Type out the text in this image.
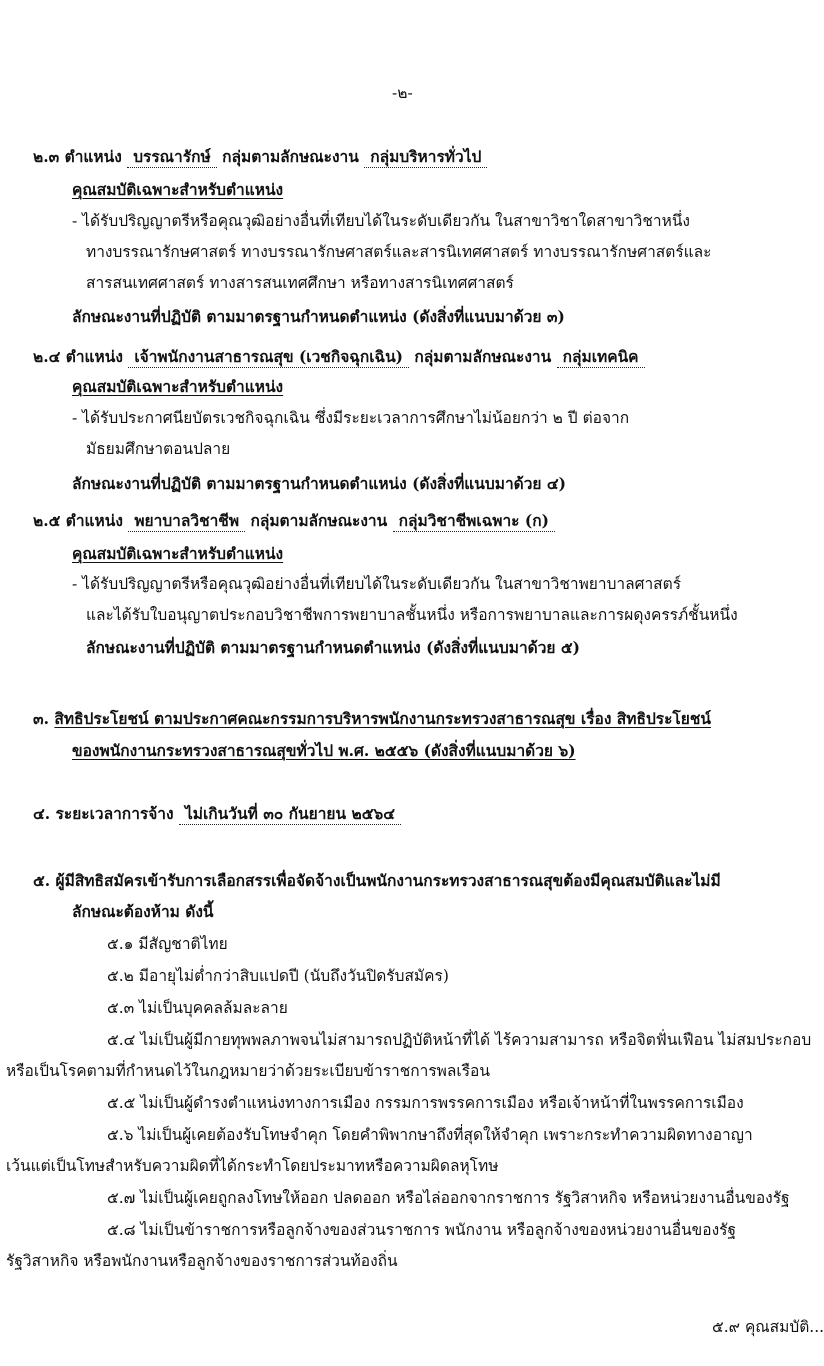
-๒-
๒.๓ ตำแหน่ง บรรณารักษ์ กลุ่มตามลักษณะงาน กลุ่มบริหารทั่วไป
คุณสมบัติเฉพาะสำหรับตำแหน่ง
- ได้รับปริญญาตรีหรือคุณวุฒิอย่างอื่นที่เทียบได้ในระดับเดียวกัน ในสาขาวิชาใดสาขาวิชาหนึ่ง
ทางบรรณารักษศาสตร์ ทางบรรณารักษศาสตร์และสารนิเทศศาสตร์ ทางบรรณารักษศาสตร์และ
สารสนเทศศาสตร์ ทางสารสนเทศศึกษา หรือทางสารนิเทศศาสตร์
ลักษณะงานที่ปฏิบัติ ตามมาตรฐานกำหนดตำแหน่ง (ดังสิ่งที่แนบมาด้วย ๓)
๒.๔ ตำแหน่ง เจ้าพนักงานสาธารณสุข (เวชกิจฉุกเฉิน) กลุ่มตามลักษณะงาน กลุ่มเทคนิค
คุณสมบัติเฉพาะสำหรับตำแหน่ง
- ได้รับประกาศนียบัตรเวชกิจฉุกเฉิน ซึ่งมีระยะเวลาการศึกษาไม่น้อยกว่า ๒ ปี ต่อจาก
มัธยมศึกษาตอนปลาย
ลักษณะงานที่ปฏิบัติ ตามมาตรฐานกำหนดตำแหน่ง (ดังสิ่งที่แนบมาด้วย ๔)
๒.๕ ตำแหน่ง พยาบาลวิชาชีพ กลุ่มตามลักษณะงาน กลุ่มวิชาชีพเฉพาะ (ก)
คุณสมบัติเฉพาะสำหรับตำแหน่ง
- ได้รับปริญญาตรีหรือคุณวุฒิอย่างอื่นที่เทียบได้ในระดับเดียวกัน ในสาขาวิชาพยาบาลศาสตร์
และได้รับใบอนุญาตประกอบวิชาชีพการพยาบาลชั้นหนึ่ง หรือการพยาบาลและการผดุงครรภ์ชั้นหนึ่ง
ลักษณะงานที่ปฏิบัติ ตามมาตรฐานกำหนดตำแหน่ง (ดังสิ่งที่แนบมาด้วย ๕)
๓. สิทธิประโยชน์ ตามประกาศคณะกรรมการบริหารพนักงานกระทรวงสาธารณสุข เรื่อง สิทธิประโยชน์
ของพนักงานกระทรวงสาธารณสุขทั่วไป พ.ศ. ๒๕๕๖ (ดังสิ่งที่แนบมาด้วย ๖)
๔. ระยะเวลาการจ้าง ไม่เกินวันที่ ๓๐ กันยายน ๒๕๖๔
๕. ผู้มีสิทธิสมัครเข้ารับการเลือกสรรเพื่อจัดจ้างเป็นพนักงานกระทรวงสาธารณสุขต้องมีคุณสมบัติและไม่มี
ลักษณะต้องห้าม ดังนี้
๕.๑ มีสัญชาติไทย
๕.๒ มีอายุไม่ต่ำกว่าสิบแปดปี (นับถึงวันปิดรับสมัคร)
๕.๓ ไม่เป็นบุคคลล้มละลาย
๕.๔ ไม่เป็นผู้มีกายทุพพลภาพจนไม่สามารถปฏิบัติหน้าที่ได้ ไร้ความสามารถ หรือจิตฟั่นเฟือน ไม่สมประกอบ
หรือเป็นโรคตามที่กำหนดไว้ในกฎหมายว่าด้วยระเบียบข้าราชการพลเรือน
๕.๕ ไม่เป็นผู้ดำรงตำแหน่งทางการเมือง กรรมการพรรคการเมือง หรือเจ้าหน้าที่ในพรรคการเมือง
๕.๖ ไม่เป็นผู้เคยต้องรับโทษจำคุก โดยคำพิพากษาถึงที่สุดให้จำคุก เพราะกระทำความผิดทางอาญา
เว้นแต่เป็นโทษสำหรับความผิดที่ได้กระทำโดยประมาทหรือความผิดลหุโทษ
๕.๗ ไม่เป็นผู้เคยถูกลงโทษให้ออก ปลดออก หรือไล่ออกจากราชการ รัฐวิสาหกิจ หรือหน่วยงานอื่นของรัฐ
๕.๘ ไม่เป็นข้าราชการหรือลูกจ้างของส่วนราชการ พนักงาน หรือลูกจ้างของหน่วยงานอื่นของรัฐ
รัฐวิสาหกิจ หรือพนักงานหรือลูกจ้างของราชการส่วนท้องถิ่น
๕.๙ คุณสมบัติ...
